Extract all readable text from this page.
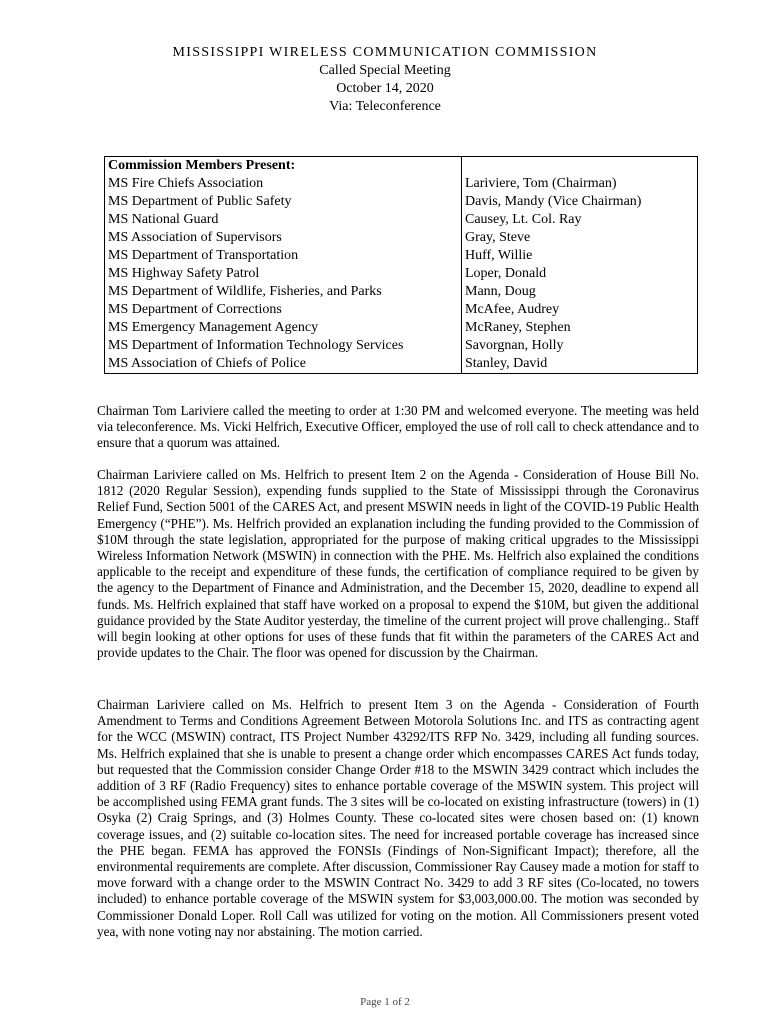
MISSISSIPPI WIRELESS COMMUNICATION COMMISSION
Called Special Meeting
October 14, 2020
Via: Teleconference
Commission Members Present:	
MS Fire Chiefs Association	Lariviere, Tom (Chairman)
MS Department of Public Safety	Davis, Mandy (Vice Chairman)
MS National Guard	Causey, Lt. Col. Ray
MS Association of Supervisors	Gray, Steve
MS Department of Transportation	Huff, Willie
MS Highway Safety Patrol	Loper, Donald
MS Department of Wildlife, Fisheries, and Parks	Mann, Doug
MS Department of Corrections	McAfee, Audrey
MS Emergency Management Agency	McRaney, Stephen
MS Department of Information Technology Services	Savorgnan, Holly
MS Association of Chiefs of Police	Stanley, David

Chairman Tom Lariviere called the meeting to order at 1:30 PM and welcomed everyone. The meeting was held via teleconference. Ms. Vicki Helfrich, Executive Officer, employed the use of roll call to check attendance and to ensure that a quorum was attained.

Chairman Lariviere called on Ms. Helfrich to present Item 2 on the Agenda - Consideration of House Bill No. 1812 (2020 Regular Session), expending funds supplied to the State of Mississippi through the Coronavirus Relief Fund, Section 5001 of the CARES Act, and present MSWIN needs in light of the COVID-19 Public Health Emergency (“PHE”). Ms. Helfrich provided an explanation including the funding provided to the Commission of $10M through the state legislation, appropriated for the purpose of making critical upgrades to the Mississippi Wireless Information Network (MSWIN) in connection with the PHE. Ms. Helfrich also explained the conditions applicable to the receipt and expenditure of these funds, the certification of compliance required to be given by the agency to the Department of Finance and Administration, and the December 15, 2020, deadline to expend all funds. Ms. Helfrich explained that staff have worked on a proposal to expend the $10M, but given the additional guidance provided by the State Auditor yesterday, the timeline of the current project will prove challenging.. Staff will begin looking at other options for uses of these funds that fit within the parameters of the CARES Act and provide updates to the Chair. The floor was opened for discussion by the Chairman.

Chairman Lariviere called on Ms. Helfrich to present Item 3 on the Agenda - Consideration of Fourth Amendment to Terms and Conditions Agreement Between Motorola Solutions Inc. and ITS as contracting agent for the WCC (MSWIN) contract, ITS Project Number 43292/ITS RFP No. 3429, including all funding sources. Ms. Helfrich explained that she is unable to present a change order which encompasses CARES Act funds today, but requested that the Commission consider Change Order #18 to the MSWIN 3429 contract which includes the addition of 3 RF (Radio Frequency) sites to enhance portable coverage of the MSWIN system. This project will be accomplished using FEMA grant funds. The 3 sites will be co-located on existing infrastructure (towers) in (1) Osyka (2) Craig Springs, and (3) Holmes County. These co-located sites were chosen based on: (1) known coverage issues, and (2) suitable co-location sites. The need for increased portable coverage has increased since the PHE began. FEMA has approved the FONSIs (Findings of Non-Significant Impact); therefore, all the environmental requirements are complete. After discussion, Commissioner Ray Causey made a motion for staff to move forward with a change order to the MSWIN Contract No. 3429 to add 3 RF sites (Co-located, no towers included) to enhance portable coverage of the MSWIN system for $3,003,000.00. The motion was seconded by Commissioner Donald Loper. Roll Call was utilized for voting on the motion. All Commissioners present voted yea, with none voting nay nor abstaining. The motion carried.

Page 1 of 2
